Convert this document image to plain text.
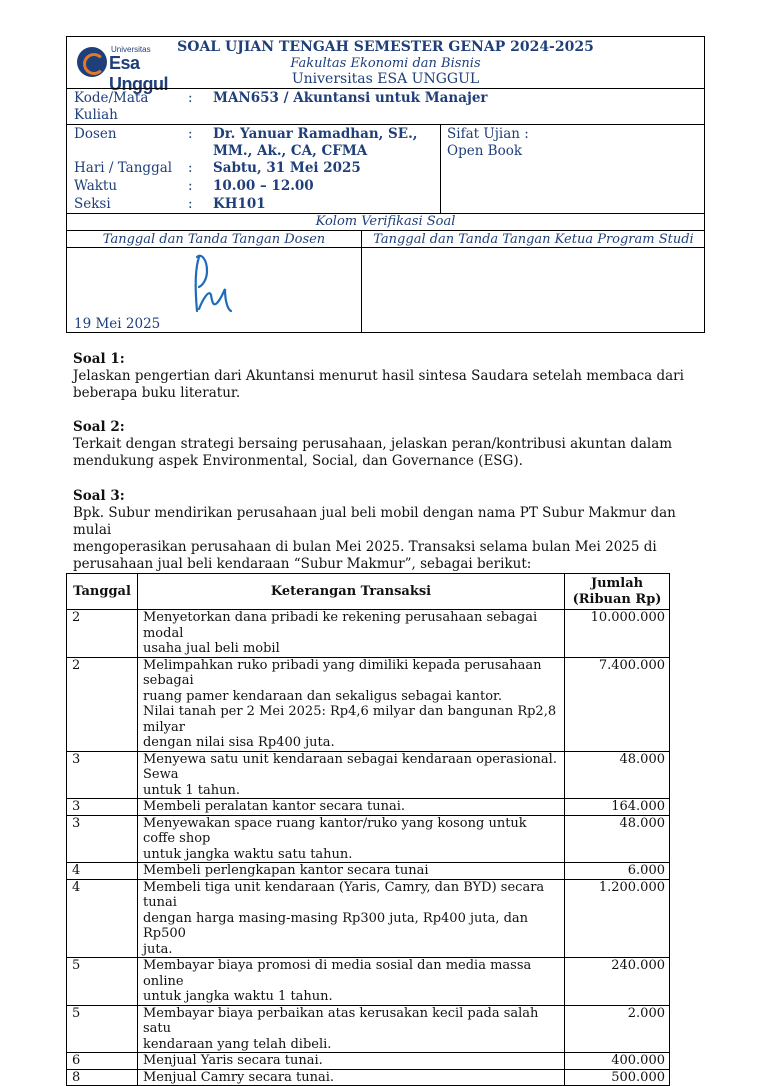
Universitas
Esa Unggul
SOAL UJIAN TENGAH SEMESTER GENAP 2024-2025
Fakultas Ekonomi dan Bisnis
Universitas ESA UNGGUL
Kode/Mata
Kuliah
: MAN653 / Akuntansi untuk Manajer
Dosen	: Dr. Yanuar Ramadhan, SE.,
MM., Ak., CA, CFMA
Hari / Tanggal : Sabtu, 31 Mei 2025
Waktu	: 10.00 – 12.00
Seksi	: KH101
Sifat Ujian :
Open Book
Kolom Verifikasi Soal
Tanggal dan Tanda Tangan Dosen	Tanggal dan Tanda Tangan Ketua Program Studi
19 Mei 2025
Soal 1:
Jelaskan pengertian dari Akuntansi menurut hasil sintesa Saudara setelah membaca dari
beberapa buku literatur.
Soal 2:
Terkait dengan strategi bersaing perusahaan, jelaskan peran/kontribusi akuntan dalam
mendukung aspek Environmental, Social, dan Governance (ESG).
Soal 3:
Bpk. Subur mendirikan perusahaan jual beli mobil dengan nama PT Subur Makmur dan mulai
mengoperasikan perusahaan di bulan Mei 2025. Transaksi selama bulan Mei 2025 di
perusahaan jual beli kendaraan “Subur Makmur”, sebagai berikut:
Tanggal	Keterangan Transaksi	Jumlah
(Ribuan Rp)

2	Menyetorkan dana pribadi ke rekening perusahaan sebagai modal
usaha jual beli mobil	10.000.000
2	Melimpahkan ruko pribadi yang dimiliki kepada perusahaan sebagai
ruang pamer kendaraan dan sekaligus sebagai kantor.
Nilai tanah per 2 Mei 2025: Rp4,6 milyar dan bangunan Rp2,8 milyar
dengan nilai sisa Rp400 juta.	7.400.000
3	Menyewa satu unit kendaraan sebagai kendaraan operasional. Sewa
untuk 1 tahun.	48.000
3	Membeli peralatan kantor secara tunai.	164.000
3	Menyewakan space ruang kantor/ruko yang kosong untuk coffe shop
untuk jangka waktu satu tahun.	48.000
4	Membeli perlengkapan kantor secara tunai	6.000
4	Membeli tiga unit kendaraan (Yaris, Camry, dan BYD) secara tunai
dengan harga masing-masing Rp300 juta, Rp400 juta, dan Rp500
juta.	1.200.000
5	Membayar biaya promosi di media sosial dan media massa online
untuk jangka waktu 1 tahun.	240.000
5	Membayar biaya perbaikan atas kerusakan kecil pada salah satu
kendaraan yang telah dibeli.	2.000
6	Menjual Yaris secara tunai.	400.000
8	Menjual Camry secara tunai.	500.000
